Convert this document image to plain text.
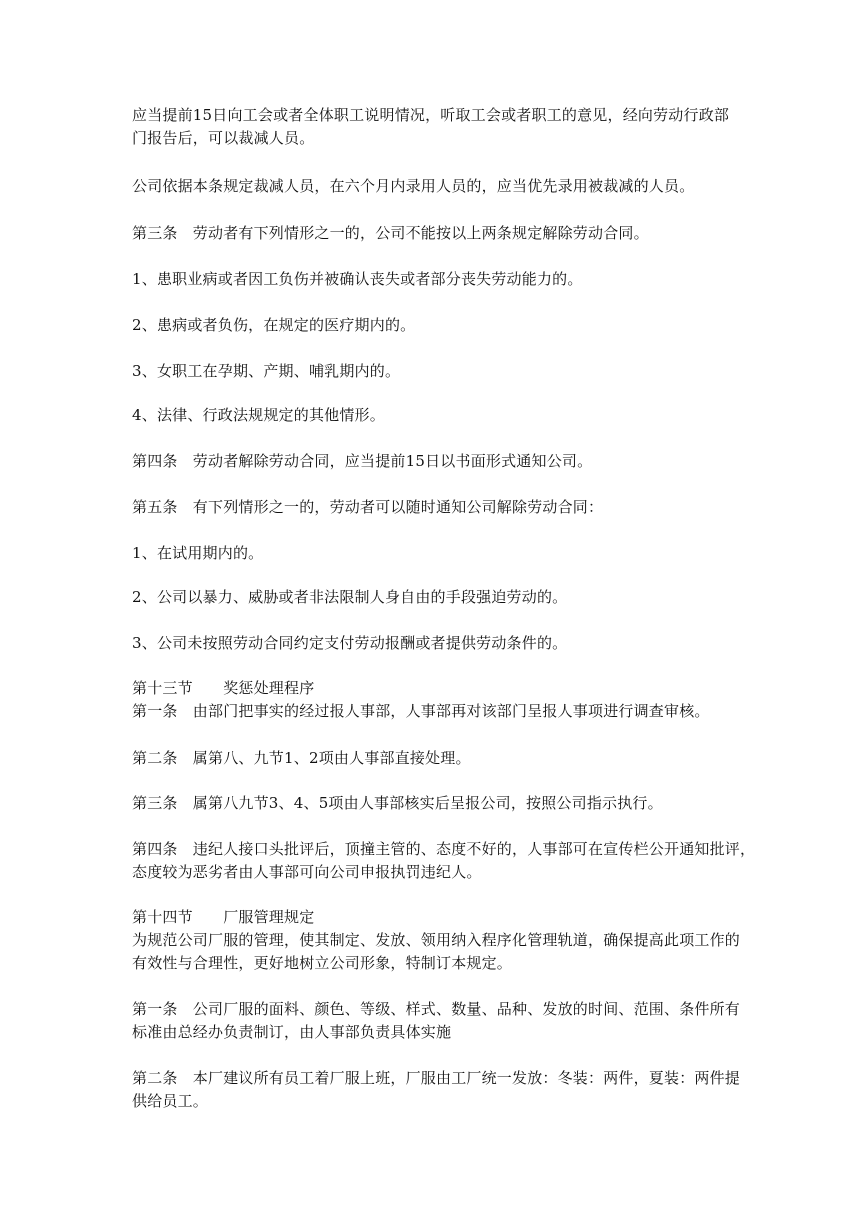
应当提前15日向工会或者全体职工说明情况，听取工会或者职工的意见，经向劳动行政部
门报告后，可以裁减人员。
公司依据本条规定裁减人员，在六个月内录用人员的，应当优先录用被裁减的人员。
第三条　劳动者有下列情形之一的，公司不能按以上两条规定解除劳动合同。
1、患职业病或者因工负伤并被确认丧失或者部分丧失劳动能力的。
2、患病或者负伤，在规定的医疗期内的。
3、女职工在孕期、产期、哺乳期内的。
4、法律、行政法规规定的其他情形。
第四条　劳动者解除劳动合同，应当提前15日以书面形式通知公司。
第五条　有下列情形之一的，劳动者可以随时通知公司解除劳动合同：
1、在试用期内的。
2、公司以暴力、威胁或者非法限制人身自由的手段强迫劳动的。
3、公司未按照劳动合同约定支付劳动报酬或者提供劳动条件的。
第十三节　　奖惩处理程序
第一条　由部门把事实的经过报人事部，人事部再对该部门呈报人事项进行调查审核。
第二条　属第八、九节1、2项由人事部直接处理。
第三条　属第八九节3、4、5项由人事部核实后呈报公司，按照公司指示执行。
第四条　违纪人接口头批评后，顶撞主管的、态度不好的，人事部可在宣传栏公开通知批评，
态度较为恶劣者由人事部可向公司申报执罚违纪人。
第十四节　　厂服管理规定
为规范公司厂服的管理，使其制定、发放、领用纳入程序化管理轨道，确保提高此项工作的
有效性与合理性，更好地树立公司形象，特制订本规定。
第一条　公司厂服的面料、颜色、等级、样式、数量、品种、发放的时间、范围、条件所有
标准由总经办负责制订，由人事部负责具体实施
第二条　本厂建议所有员工着厂服上班，厂服由工厂统一发放：冬装：两件，夏装：两件提
供给员工。
